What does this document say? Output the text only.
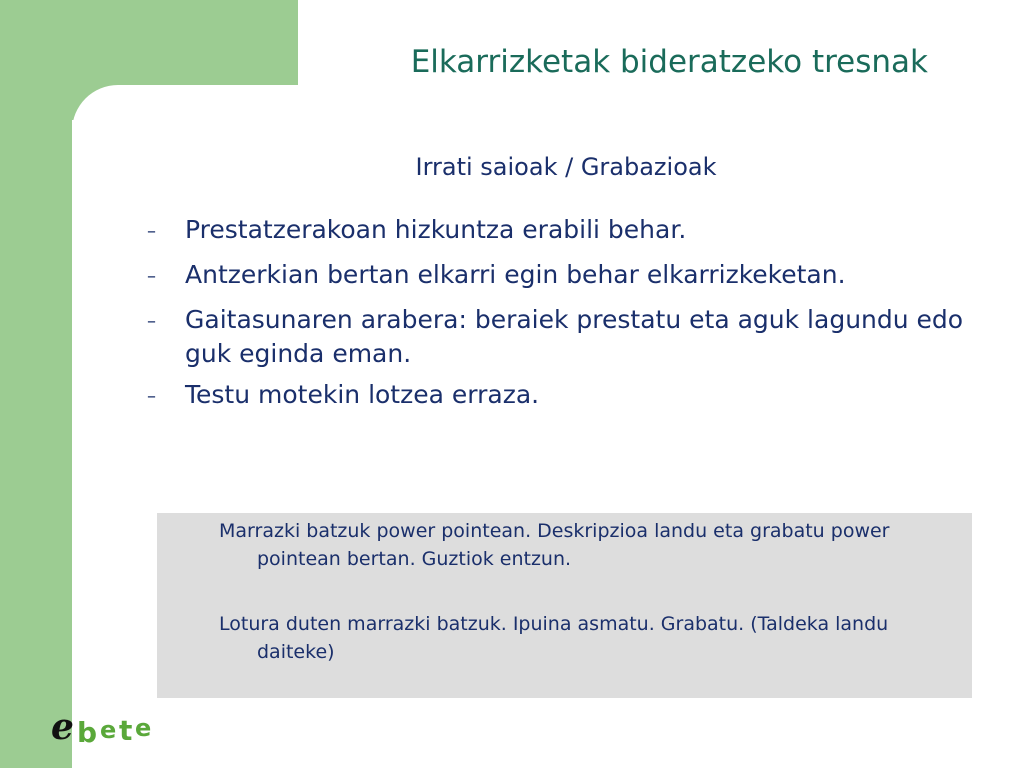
Elkarrizketak bideratzeko tresnak
Irrati saioak / Grabazioak
–	Prestatzerakoan hizkuntza erabili behar.
–	Antzerkian bertan elkarri egin behar elkarrizkeketan.
–	Gaitasunaren arabera: beraiek prestatu eta aguk lagundu edo guk eginda eman.
–	Testu motekin lotzea erraza.
Marrazki batzuk power pointean. Deskripzioa landu eta grabatu power pointean bertan. Guztiok entzun.
Lotura duten marrazki batzuk. Ipuina asmatu. Grabatu. (Taldeka landu daiteke)
e b e t e
